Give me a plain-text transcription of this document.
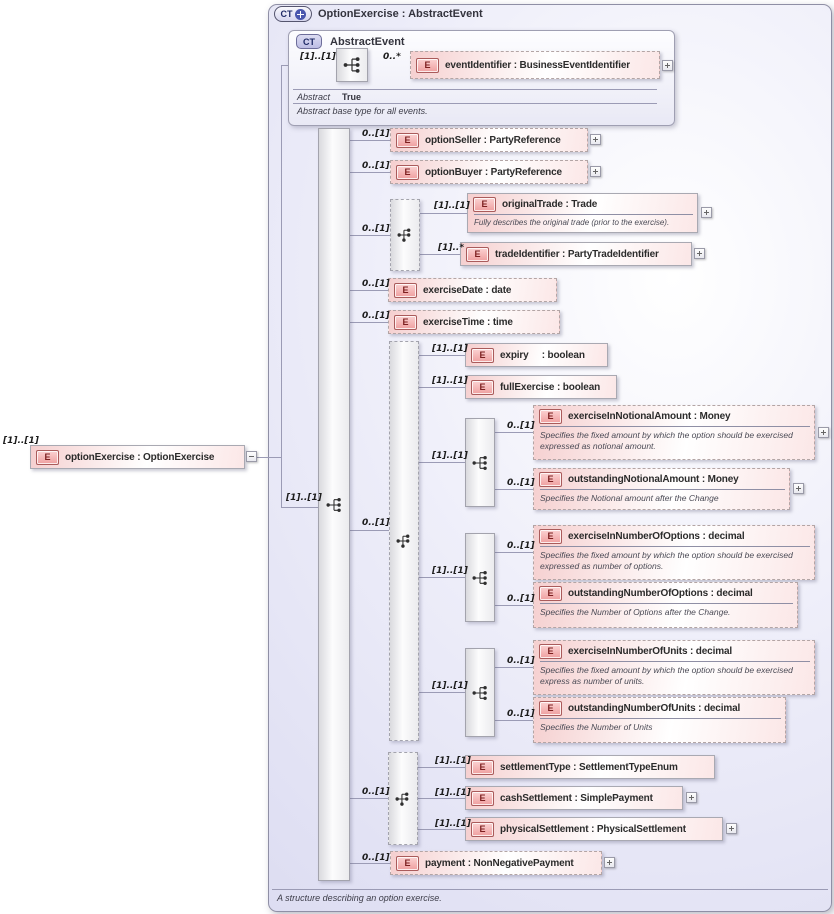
CT OptionExercise : AbstractEvent
CT AbstractEvent
Abstract True
Abstract base type for all events.
E	optionExercise : OptionExercise
E	eventIdentifier : BusinessEventIdentifier
E	optionSeller : PartyReference
E	optionBuyer : PartyReference
E	originalTrade : Trade
Fully describes the original trade (prior to the exercise).
E	tradeIdentifier : PartyTradeIdentifier
E	exerciseDate : date
E	exerciseTime : time
E	expiry     : boolean
E	fullExercise : boolean
E	exerciseInNotionalAmount : Money
Specifies the fixed amount by which the option should be exercised expressed as notional amount.
E	outstandingNotionalAmount : Money
Specifies the Notional amount after the Change
E	exerciseInNumberOfOptions : decimal
Specifies the fixed amount by which the option should be exercised expressed as number of options.
E	outstandingNumberOfOptions : decimal
Specifies the Number of Options after the Change.
E	exerciseInNumberOfUnits : decimal
Specifies the fixed amount by which the option should be exercised express as number of units.
E	outstandingNumberOfUnits : decimal
Specifies the Number of Units
E	settlementType : SettlementTypeEnum
E	cashSettlement : SimplePayment
E	physicalSettlement : PhysicalSettlement
E	payment : NonNegativePayment
[1]..[1]	0..*
[1]..[1]
[1]..[1]
0..[1]
0..[1]
0..[1]
[1]..[1]
[1]..*
0..[1]
0..[1]
0..[1]
[1]..[1]
[1]..[1]
[1]..[1]
0..[1]
0..[1]
[1]..[1]
0..[1]
0..[1]
[1]..[1]
0..[1]
0..[1]
0..[1]
[1]..[1]
[1]..[1]
[1]..[1]
0..[1]
A structure describing an option exercise.
